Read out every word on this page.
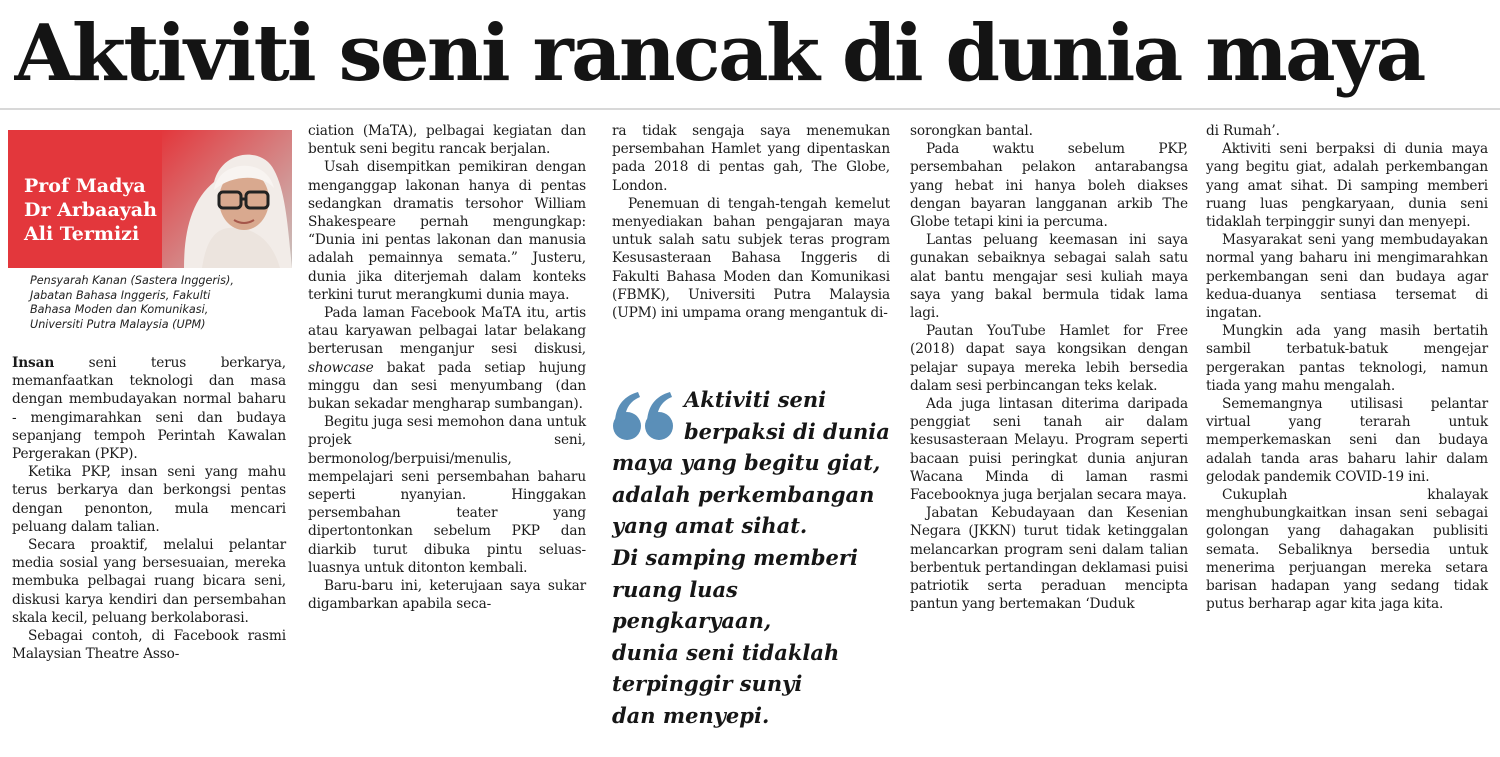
Aktiviti seni rancak di dunia maya
Prof Madya
Dr Arbaayah
Ali Termizi
Pensyarah Kanan (Sastera Inggeris),
Jabatan Bahasa Inggeris, Fakulti
Bahasa Moden dan Komunikasi,
Universiti Putra Malaysia (UPM)

Insan seni terus berkarya, memanfaatkan teknologi dan masa dengan membudayakan normal baharu - mengimarahkan seni dan budaya sepanjang tempoh Perintah Kawalan Pergerakan (PKP).

Ketika PKP, insan seni yang mahu terus berkarya dan berkongsi pentas dengan penonton, mula mencari peluang dalam talian.

Secara proaktif, melalui pelantar media sosial yang bersesuaian, mereka membuka pelbagai ruang bicara seni, diskusi karya kendiri dan persembahan skala kecil, peluang berkolaborasi.

Sebagai contoh, di Facebook rasmi Malaysian Theatre Asso-

ciation (MaTA), pelbagai kegiatan dan bentuk seni begitu rancak berjalan.

Usah disempitkan pemikiran dengan menganggap lakonan hanya di pentas sedangkan dramatis tersohor William Shakespeare pernah mengungkap: “Dunia ini pentas lakonan dan manusia adalah pemainnya semata.” Justeru, dunia jika diterjemah dalam konteks terkini turut merangkumi dunia maya.

Pada laman Facebook MaTA itu, artis atau karyawan pelbagai latar belakang berterusan menganjur sesi diskusi, showcase bakat pada setiap hujung minggu dan sesi menyumbang (dan bukan sekadar mengharap sumbangan).

Begitu juga sesi memohon dana untuk projek seni, bermonolog/berpuisi/menulis, mempelajari seni persembahan baharu seperti nyanyian. Hinggakan persembahan teater yang dipertontonkan sebelum PKP dan diarkib turut dibuka pintu seluas-luasnya untuk ditonton kembali.

Baru-baru ini, keterujaan saya sukar digambarkan apabila seca-

ra tidak sengaja saya menemukan persembahan Hamlet yang dipentaskan pada 2018 di pentas gah, The Globe, London.

Penemuan di tengah-tengah kemelut menyediakan bahan pengajaran maya untuk salah satu subjek teras program Kesusasteraan Bahasa Inggeris di Fakulti Bahasa Moden dan Komunikasi (FBMK), Universiti Putra Malaysia (UPM) ini umpama orang mengantuk di-

Aktiviti seni
berpaksi di dunia
maya yang begitu giat,
adalah perkembangan
yang amat sihat.
Di samping memberi
ruang luas
pengkaryaan,
dunia seni tidaklah
terpinggir sunyi
dan menyepi.

sorongkan bantal.

Pada waktu sebelum PKP, persembahan pelakon antarabangsa yang hebat ini hanya boleh diakses dengan bayaran langganan arkib The Globe tetapi kini ia percuma.

Lantas peluang keemasan ini saya gunakan sebaiknya sebagai salah satu alat bantu mengajar sesi kuliah maya saya yang bakal bermula tidak lama lagi.

Pautan YouTube Hamlet for Free (2018) dapat saya kongsikan dengan pelajar supaya mereka lebih bersedia dalam sesi perbincangan teks kelak.

Ada juga lintasan diterima daripada penggiat seni tanah air dalam kesusasteraan Melayu. Program seperti bacaan puisi peringkat dunia anjuran Wacana Minda di laman rasmi Facebooknya juga berjalan secara maya.

Jabatan Kebudayaan dan Kesenian Negara (JKKN) turut tidak ketinggalan melancarkan program seni dalam talian berbentuk pertandingan deklamasi puisi patriotik serta peraduan mencipta pantun yang bertemakan ‘Duduk

di Rumah’.

Aktiviti seni berpaksi di dunia maya yang begitu giat, adalah perkembangan yang amat sihat. Di samping memberi ruang luas pengkaryaan, dunia seni tidaklah terpinggir sunyi dan menyepi.

Masyarakat seni yang membudayakan normal yang baharu ini mengimarahkan perkembangan seni dan budaya agar kedua-duanya sentiasa tersemat di ingatan.

Mungkin ada yang masih bertatih sambil terbatuk-batuk mengejar pergerakan pantas teknologi, namun tiada yang mahu mengalah.

Sememangnya utilisasi pelantar virtual yang terarah untuk memperkemaskan seni dan budaya adalah tanda aras baharu lahir dalam gelodak pandemik COVID-19 ini.

Cukuplah khalayak menghubungkaitkan insan seni sebagai golongan yang dahagakan publisiti semata. Sebaliknya bersedia untuk menerima perjuangan mereka setara barisan hadapan yang sedang tidak putus berharap agar kita jaga kita.
